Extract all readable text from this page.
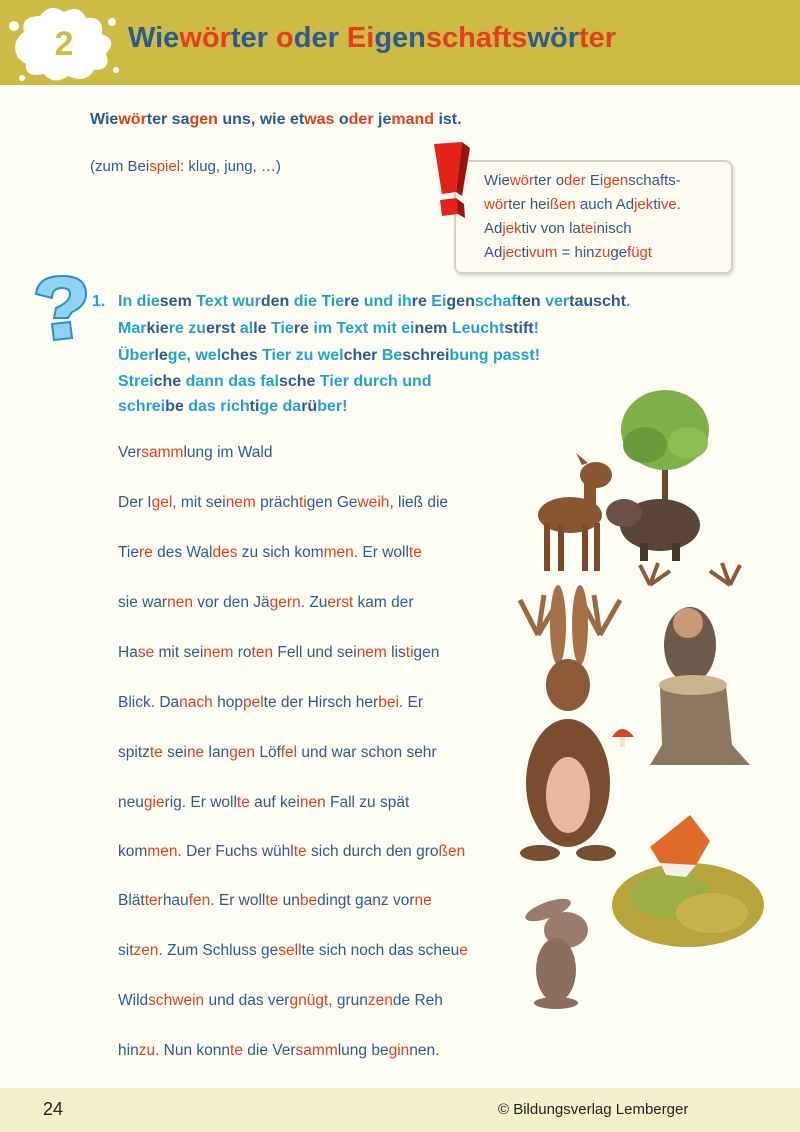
2 Wiewörter oder Eigenschaftswörter
Wiewörter sagen uns, wie etwas oder jemand ist.
(zum Beispiel: klug, jung, …)
Wiewörter oder Eigenschafts-
wörter heißen auch Adjektive.
Adjektiv von lateinisch
Adjectivum = hinzugefügt
1. In diesem Text wurden die Tiere und ihre Eigenschaften vertauscht.
Markiere zuerst alle Tiere im Text mit einem Leuchtstift!
Überlege, welches Tier zu welcher Beschreibung passt!
Streiche dann das falsche Tier durch und
schreibe das richtige darüber!
Versammlung im Wald
Der Igel, mit seinem prächtigen Geweih, ließ die
Tiere des Waldes zu sich kommen. Er wollte
sie warnen vor den Jägern. Zuerst kam der
Hase mit seinem roten Fell und seinem listigen
Blick. Danach hoppelte der Hirsch herbei. Er
spitzte seine langen Löffel und war schon sehr
neugierig. Er wollte auf keinen Fall zu spät
kommen. Der Fuchs wühlte sich durch den großen
Blätterhaufen. Er wollte unbedingt ganz vorne
sitzen. Zum Schluss gesellte sich noch das scheue
Wildschwein und das vergnügt, grunzende Reh
hinzu. Nun konnte die Versammlung beginnen.
24	© Bildungsverlag Lemberger
